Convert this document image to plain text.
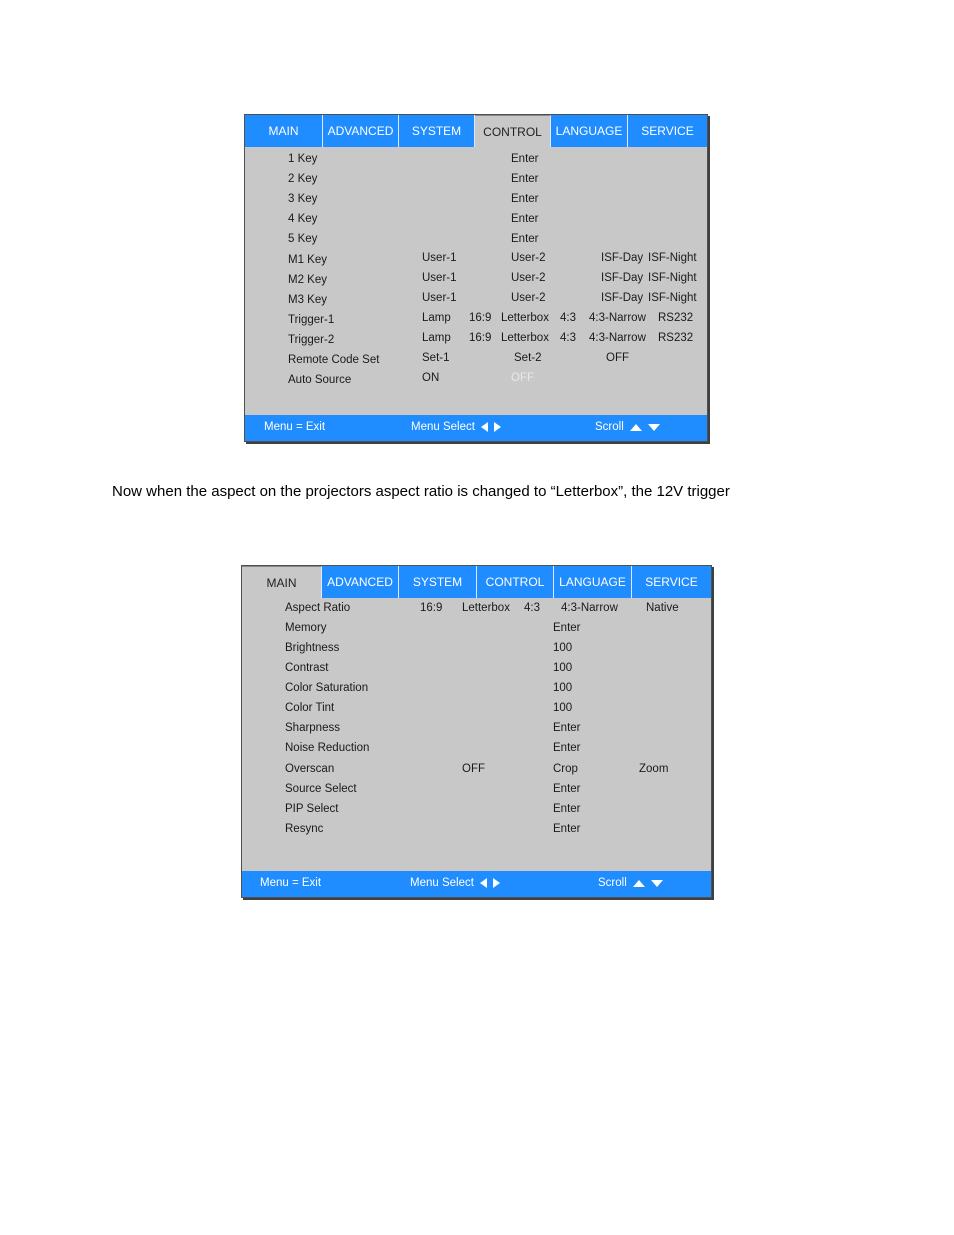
MAIN	ADVANCED	SYSTEM	CONTROL	LANGUAGE	SERVICE
1 Key	Enter
2 Key	Enter
3 Key	Enter
4 Key	Enter
5 Key	Enter
M1 Key	User-1	User-2	ISF-Day ISF-Night
M2 Key	User-1	User-2	ISF-Day ISF-Night
M3 Key	User-1	User-2	ISF-Day ISF-Night
Trigger-1	Lamp 16:9 Letterbox 4:3 4:3-Narrow RS232
Trigger-2	Lamp 16:9 Letterbox 4:3 4:3-Narrow RS232
Remote Code Set	Set-1	Set-2	OFF
Auto Source	ON	OFF
Menu = Exit	Menu Select	Scroll
Now when the aspect on the projectors aspect ratio is changed to “Letterbox”, the 12V trigger
MAIN	ADVANCED	SYSTEM	CONTROL	LANGUAGE	SERVICE
Aspect Ratio	16:9 Letterbox 4:3 4:3-Narrow Native
Memory	Enter
Brightness	100
Contrast	100
Color Saturation	100
Color Tint	100
Sharpness	Enter
Noise Reduction	Enter
Overscan	OFF	Crop	Zoom
Source Select	Enter
PIP Select	Enter
Resync	Enter
Menu = Exit	Menu Select	Scroll
